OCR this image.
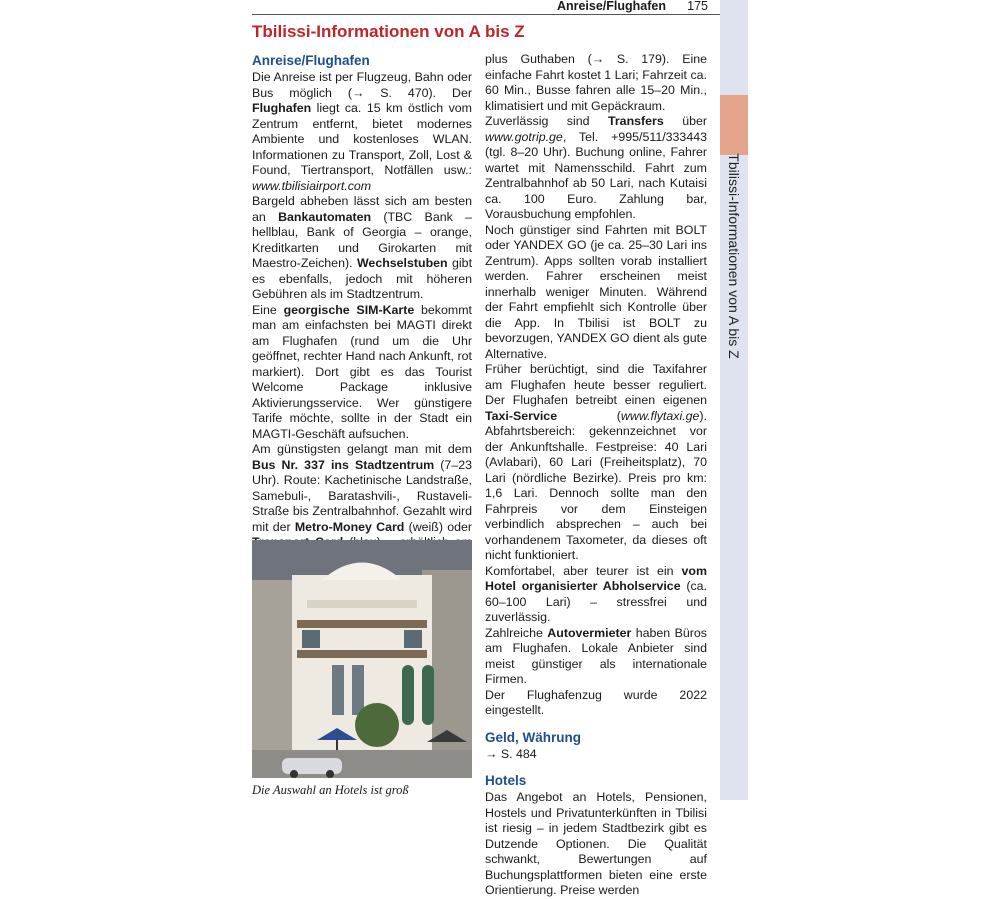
Tbilissi-Informationen von A bis Z
Anreise/Flughafen 175
Tbilissi-Informationen von A bis Z
Anreise/Flughafen

Die Anreise ist per Flugzeug, Bahn oder Bus möglich (→ S. 470). Der Flughafen liegt ca. 15 km östlich vom Zentrum entfernt, bietet modernes Ambiente und kostenloses WLAN. Informationen zu Transport, Zoll, Lost & Found, Tiertransport, Notfällen usw.: www.tbilisiairport.com

Bargeld abheben lässt sich am besten an Bankautomaten (TBC Bank – hellblau, Bank of Georgia – orange, Kreditkarten und Girokarten mit Maestro-Zeichen). Wechselstuben gibt es ebenfalls, jedoch mit höheren Gebühren als im Stadtzentrum.

Eine georgische SIM-Karte bekommt man am einfachsten bei MAGTI direkt am Flughafen (rund um die Uhr geöffnet, rechter Hand nach Ankunft, rot markiert). Dort gibt es das Tourist Welcome Package inklusive Aktivierungsservice. Wer günstigere Tarife möchte, sollte in der Stadt ein MAGTI-Geschäft aufsuchen.

Am günstigsten gelangt man mit dem Bus Nr. 337 ins Stadtzentrum (7–23 Uhr). Route: Kachetinische Landstraße, Samebuli-, Baratashvili-, Rustaveli-Straße bis Zentralbahnhof. Gezahlt wird mit der Metro-Money Card (weiß) oder

Die Auswahl an Hotels ist groß

plus Guthaben (→ S. 179). Eine einfache Fahrt kostet 1 Lari; Fahrzeit ca. 60 Min., Busse fahren alle 15–20 Min., klimatisiert und mit Gepäckraum.

Zuverlässig sind Transfers über www.gotrip.ge, Tel. +995/511/333443 (tgl. 8–20 Uhr). Buchung online, Fahrer wartet mit Namensschild. Fahrt zum Zentralbahnhof ab 50 Lari, nach Kutaisi ca. 100 Euro. Zahlung bar, Vorausbuchung empfohlen.

Noch günstiger sind Fahrten mit BOLT oder YANDEX GO (je ca. 25–30 Lari ins Zentrum). Apps sollten vorab installiert werden. Fahrer erscheinen meist innerhalb weniger Minuten. Während der Fahrt empfiehlt sich Kontrolle über die App. In Tbilisi ist BOLT zu bevorzugen, YANDEX GO dient als gute Alternative.

Früher berüchtigt, sind die Taxifahrer am Flughafen heute besser reguliert. Der Flughafen betreibt einen eigenen Taxi-Service (www.flytaxi.ge). Abfahrtsbereich: gekennzeichnet vor der Ankunftshalle. Festpreise: 40 Lari (Avlabari), 60 Lari (Freiheitsplatz), 70 Lari (nördliche Bezirke). Preis pro km: 1,6 Lari. Dennoch sollte man den Fahrpreis vor dem Einsteigen verbindlich absprechen – auch bei vorhandenem Taxometer, da dieses oft nicht funktioniert.

Komfortabel, aber teurer ist ein vom Hotel organisierter Abholservice (ca. 60–100 Lari) – stressfrei und zuverlässig.

Zahlreiche Autovermieter haben Büros am Flughafen. Lokale Anbieter sind meist günstiger als internationale Firmen.

Der Flughafenzug wurde 2022 eingestellt.

Geld, Währung

→ S. 484

Hotels

Das Angebot an Hotels, Pensionen, Hostels und Privatunterkünften in Tbilisi ist riesig – in jedem Stadtbezirk gibt es Dutzende Optionen. Die Qualität schwankt, Bewertungen auf Buchungsplattformen bieten eine erste Orientierung. Preise werden
